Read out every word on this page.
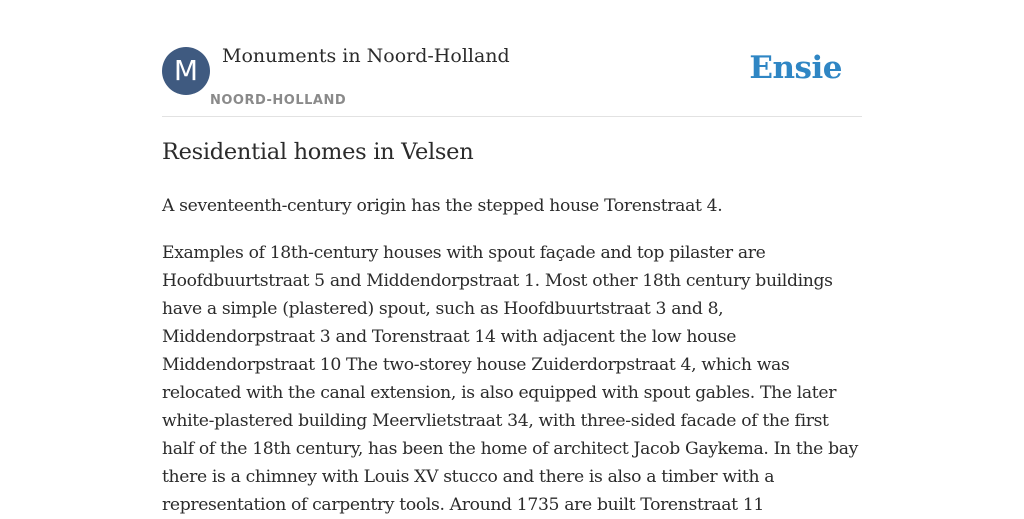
M	Monuments in Noord-Holland
NOORD-HOLLAND
Ensie
Residential homes in Velsen

A seventeenth-century origin has the stepped house Torenstraat 4.

Examples of 18th-century houses with spout façade and top pilaster are Hoofdbuurtstraat 5 and Middendorpstraat 1. Most other 18th century buildings have a simple (plastered) spout, such as Hoofdbuurtstraat 3 and 8, Middendorpstraat 3 and Torenstraat 14 with adjacent the low house Middendorpstraat 10 The two-storey house Zuiderdorpstraat 4, which was relocated with the canal extension, is also equipped with spout gables. The later white-plastered building Meervlietstraat 34, with three-sided facade of the first half of the 18th century, has been the home of architect Jacob Gaykema. In the bay there is a chimney with Louis XV stucco and there is also a timber with a representation of carpentry tools. Around 1735 are built Torenstraat 11
